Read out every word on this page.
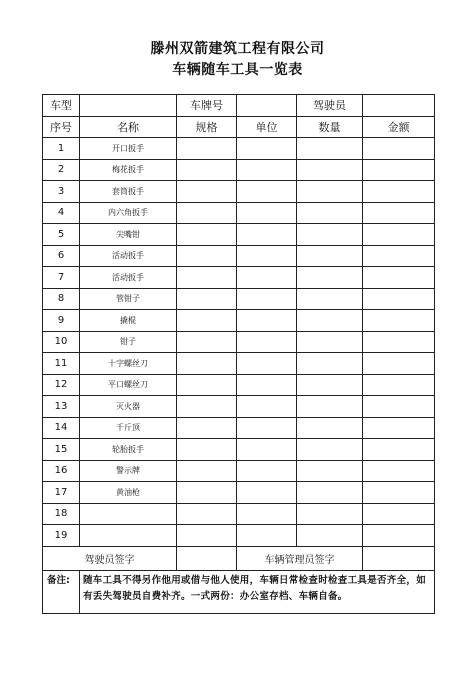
滕州双箭建筑工程有限公司
车辆随车工具一览表
车型		车牌号		驾驶员	
序号	名称	规格	单位	数量	金额
1	开口扳手				
2	梅花扳手				
3	套筒扳手				
4	内六角扳手				
5	尖嘴钳				
6	活动扳手				
7	活动扳手				
8	管钳子				
9	撬棍				
10	钳子				
11	十字螺丝刀				
12	平口螺丝刀				
13	灭火器				
14	千斤顶				
15	轮胎扳手				
16	警示牌				
17	黄油枪				
18					
19					
驾驶员签字			车辆管理员签字		
备注:	随车工具不得另作他用或借与他人使用，车辆日常检查时检查工具是否齐全，如有丢失驾驶员自费补齐。一式两份：办公室存档、车辆自备。				
